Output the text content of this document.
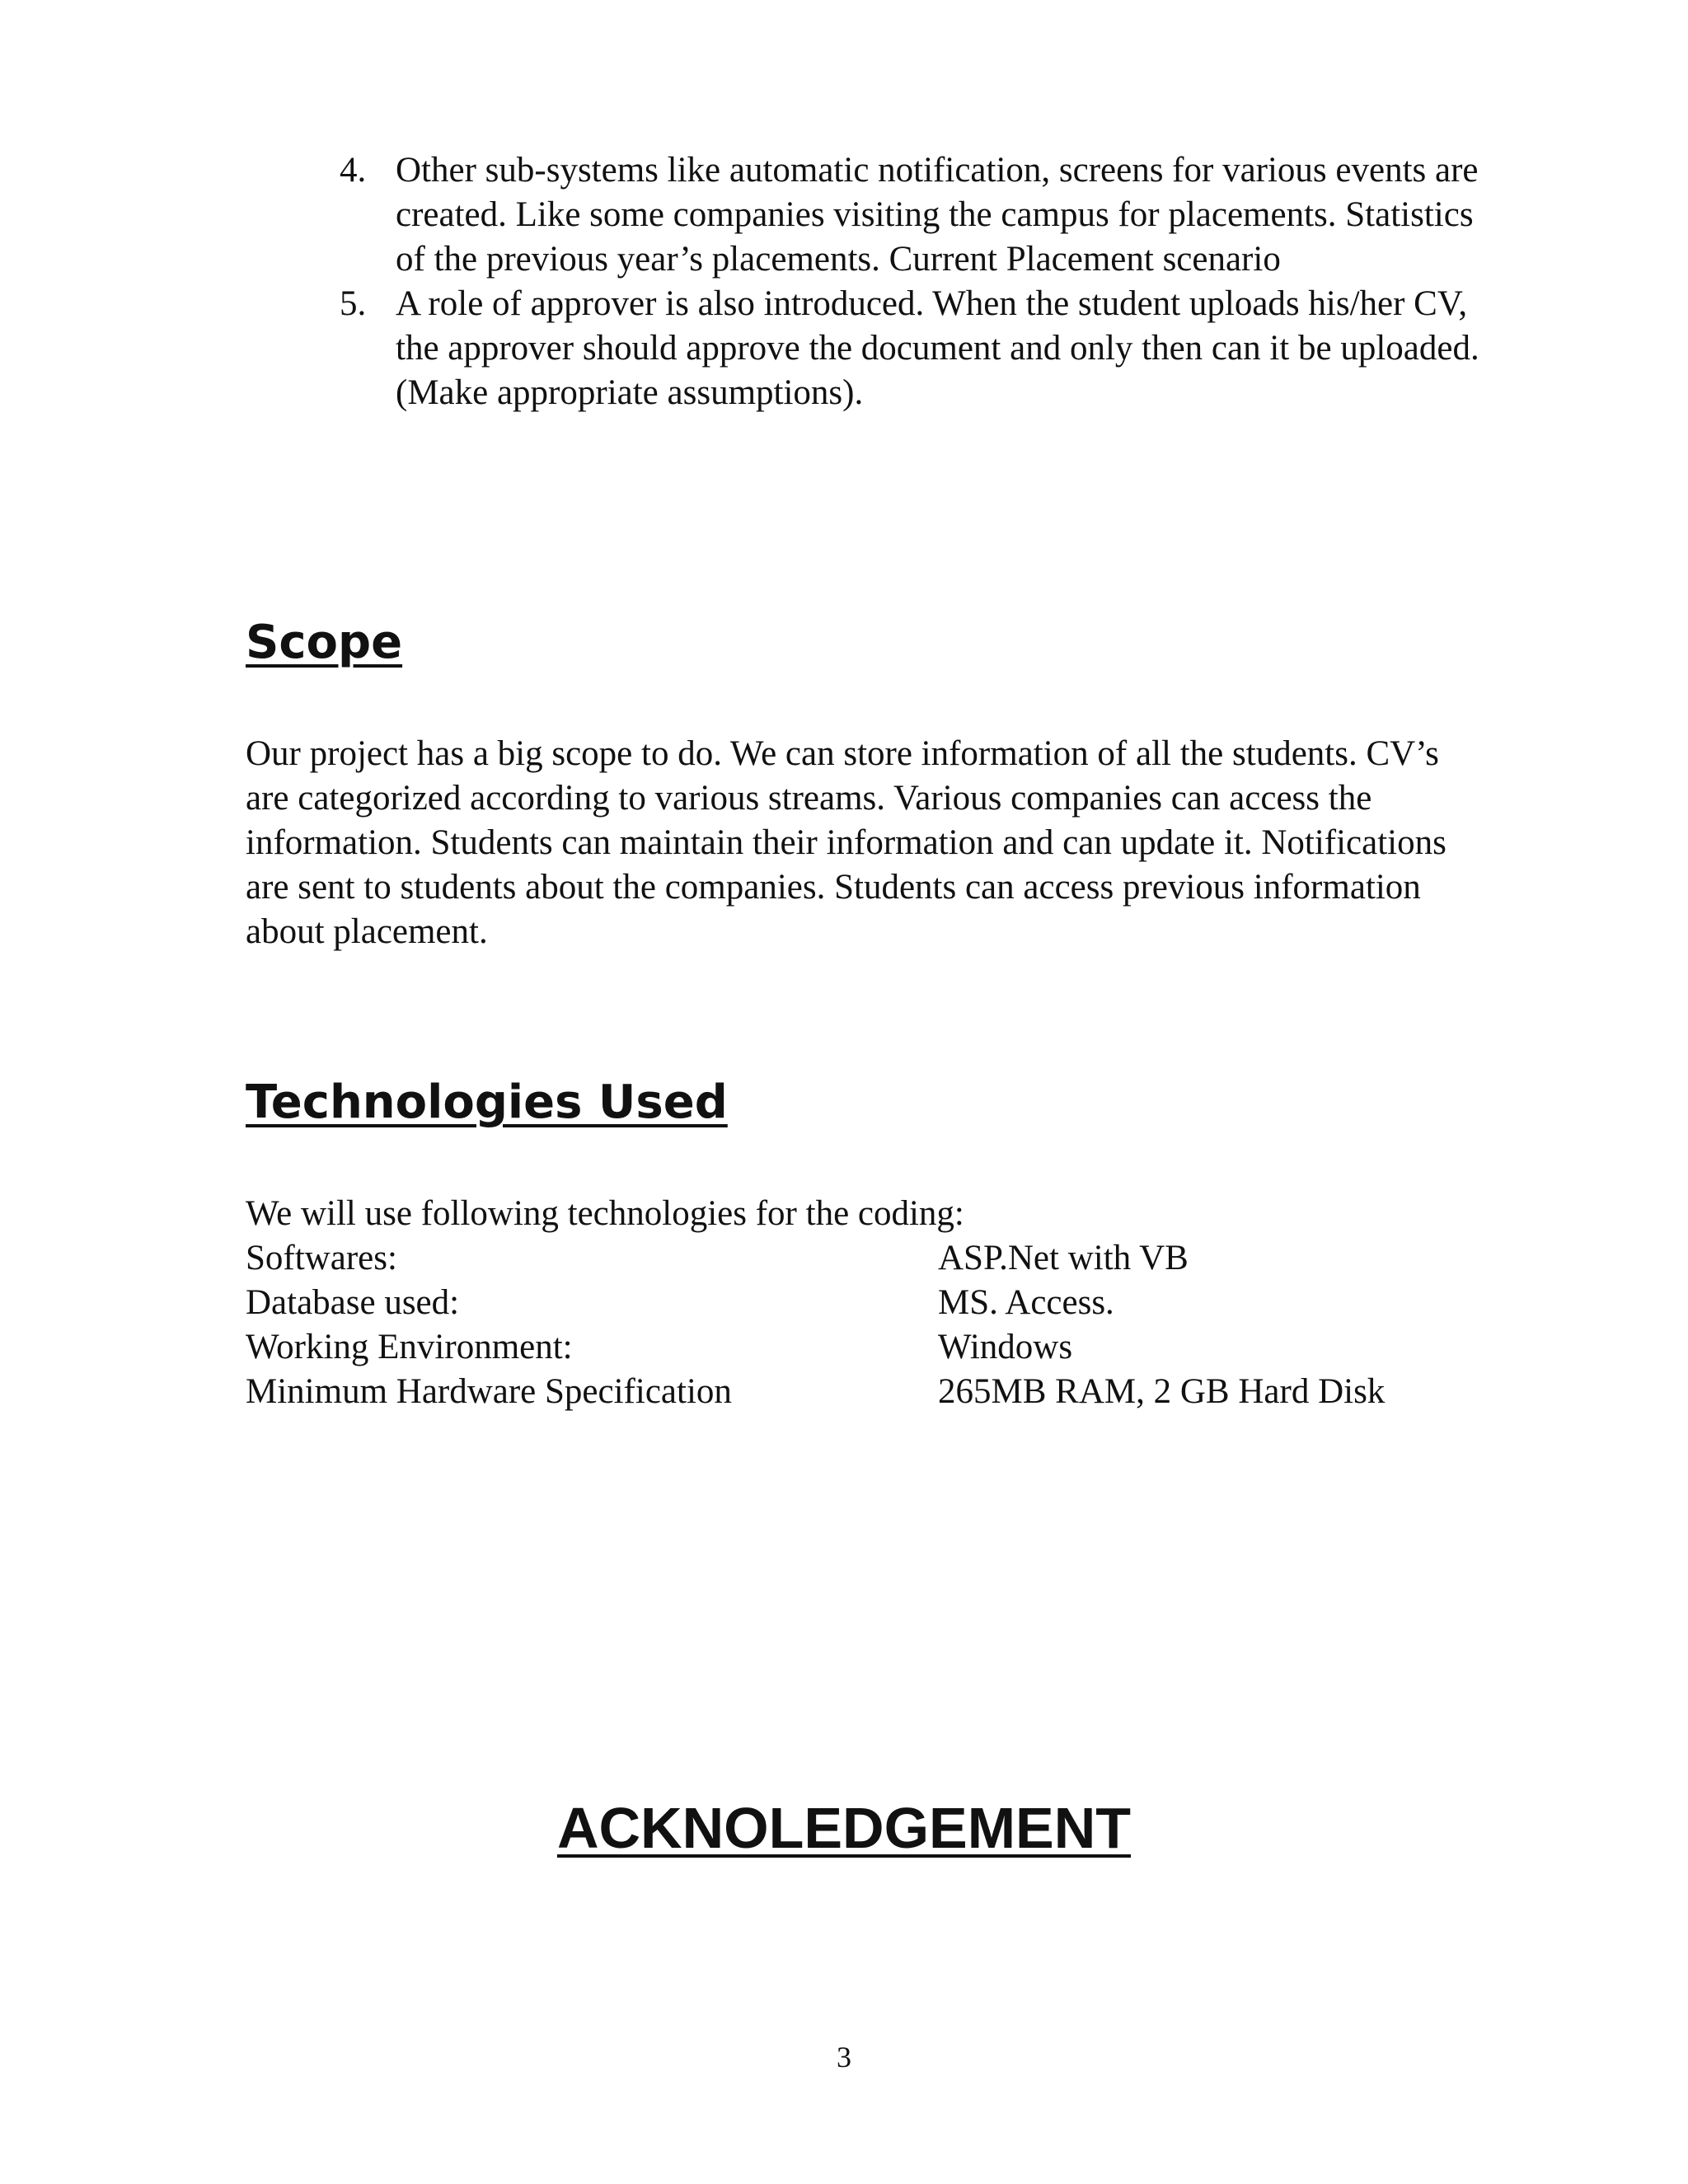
4. Other sub-systems like automatic notification, screens for various events are created. Like some companies visiting the campus for placements. Statistics of the previous year’s placements. Current Placement scenario
5. A role of approver is also introduced. When the student uploads his/her CV, the approver should approve the document and only then can it be uploaded. (Make appropriate assumptions).
Scope

Our project has a big scope to do. We can store information of all the students. CV’s are categorized according to various streams. Various companies can access the information. Students can maintain their information and can update it. Notifications are sent to students about the companies. Students can access previous information about placement.

Technologies Used

We will use following technologies for the coding:

Softwares:	ASP.Net with VB
Database used:	MS. Access.
Working Environment:	Windows
Minimum Hardware Specification	265MB RAM, 2 GB Hard Disk
ACKNOLEDGEMENT
3
